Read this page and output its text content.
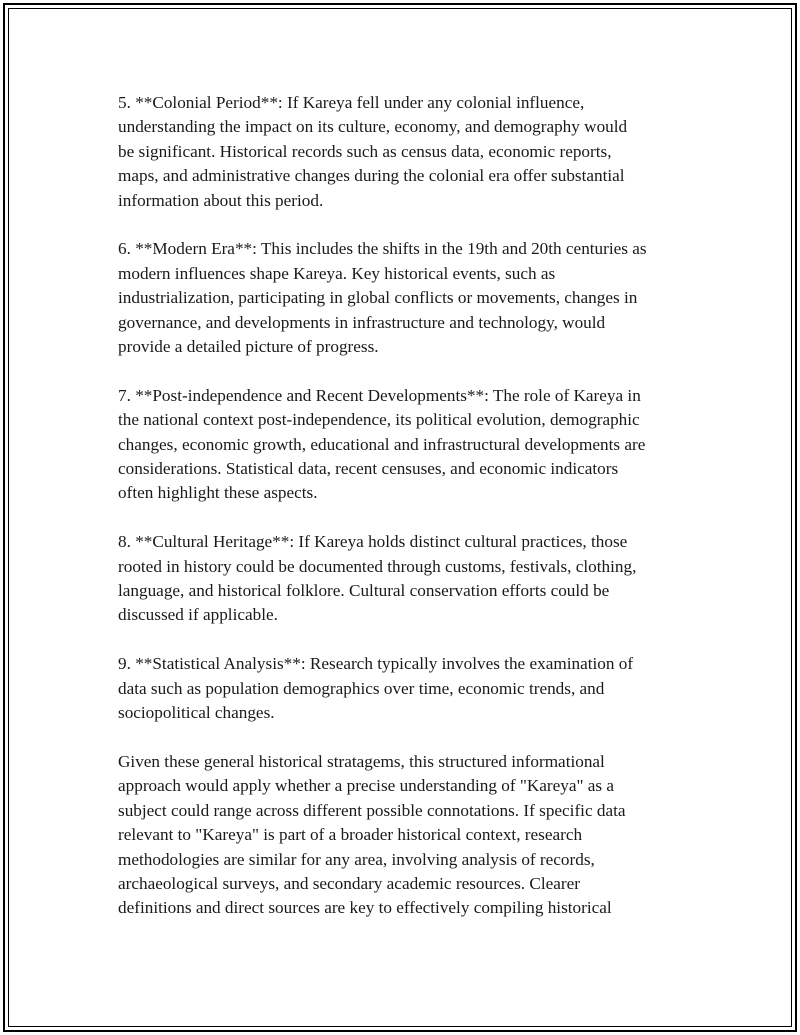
5. **Colonial Period**: If Kareya fell under any colonial influence,
understanding the impact on its culture, economy, and demography would
be significant. Historical records such as census data, economic reports,
maps, and administrative changes during the colonial era offer substantial
information about this period.

6. **Modern Era**: This includes the shifts in the 19th and 20th centuries as
modern influences shape Kareya. Key historical events, such as
industrialization, participating in global conflicts or movements, changes in
governance, and developments in infrastructure and technology, would
provide a detailed picture of progress.

7. **Post-independence and Recent Developments**: The role of Kareya in
the national context post-independence, its political evolution, demographic
changes, economic growth, educational and infrastructural developments are
considerations. Statistical data, recent censuses, and economic indicators
often highlight these aspects.

8. **Cultural Heritage**: If Kareya holds distinct cultural practices, those
rooted in history could be documented through customs, festivals, clothing,
language, and historical folklore. Cultural conservation efforts could be
discussed if applicable.

9. **Statistical Analysis**: Research typically involves the examination of
data such as population demographics over time, economic trends, and
sociopolitical changes.

Given these general historical stratagems, this structured informational
approach would apply whether a precise understanding of "Kareya" as a
subject could range across different possible connotations. If specific data
relevant to "Kareya" is part of a broader historical context, research
methodologies are similar for any area, involving analysis of records,
archaeological surveys, and secondary academic resources. Clearer
definitions and direct sources are key to effectively compiling historical
